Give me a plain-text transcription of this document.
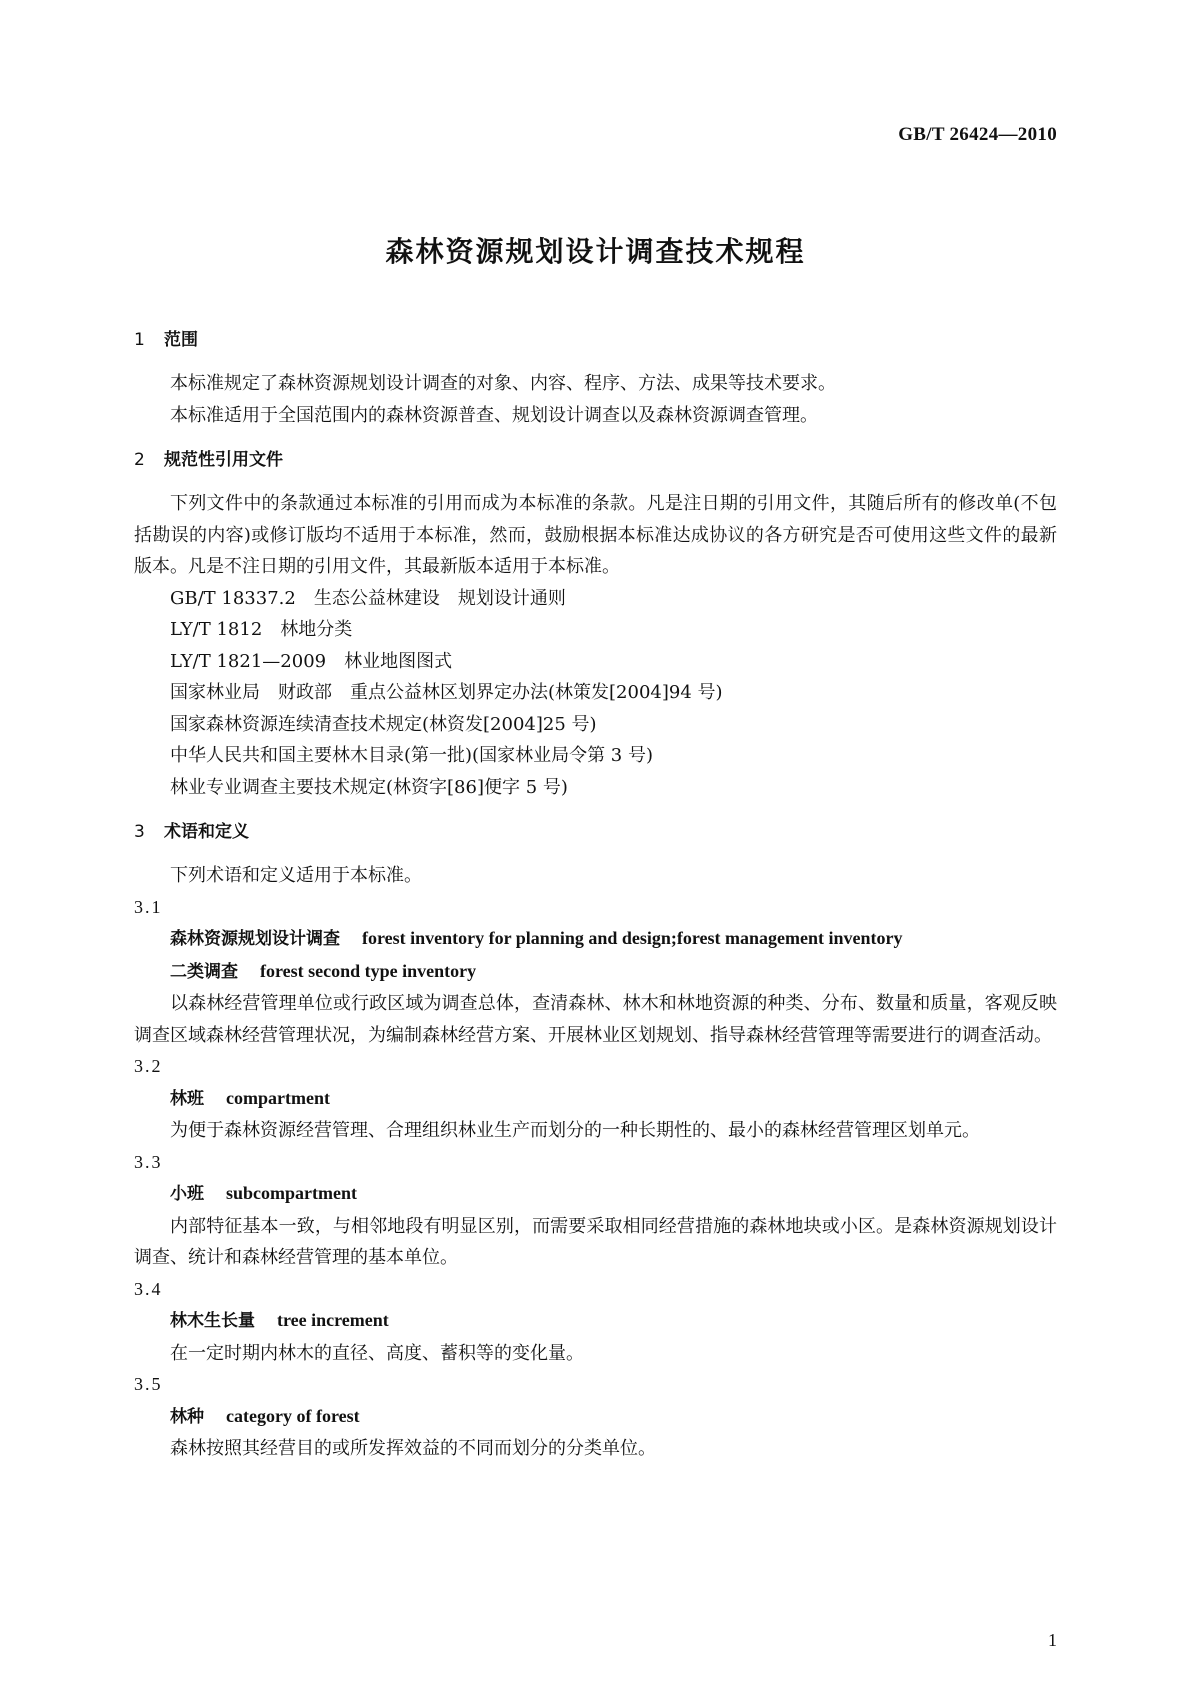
GB/T 26424—2010
森林资源规划设计调查技术规程
1	范围

本标准规定了森林资源规划设计调查的对象、内容、程序、方法、成果等技术要求。

本标准适用于全国范围内的森林资源普查、规划设计调查以及森林资源调查管理。

2	规范性引用文件

下列文件中的条款通过本标准的引用而成为本标准的条款。凡是注日期的引用文件，其随后所有的修改单(不包括勘误的内容)或修订版均不适用于本标准，然而，鼓励根据本标准达成协议的各方研究是否可使用这些文件的最新版本。凡是不注日期的引用文件，其最新版本适用于本标准。

GB/T 18337.2　生态公益林建设　规划设计通则
LY/T 1812　林地分类
LY/T 1821—2009　林业地图图式
国家林业局　财政部　重点公益林区划界定办法(林策发[2004]94 号)
国家森林资源连续清查技术规定(林资发[2004]25 号)
中华人民共和国主要林木目录(第一批)(国家林业局令第 3 号)
林业专业调查主要技术规定(林资字[86]便字 5 号)
3	术语和定义

下列术语和定义适用于本标准。

3.1
森林资源规划设计调查 forest inventory for planning and design;forest management inventory
二类调查 forest second type inventory

以森林经营管理单位或行政区域为调查总体，查清森林、林木和林地资源的种类、分布、数量和质量，客观反映调查区域森林经营管理状况，为编制森林经营方案、开展林业区划规划、指导森林经营管理等需要进行的调查活动。

3.2
林班 compartment

为便于森林资源经营管理、合理组织林业生产而划分的一种长期性的、最小的森林经营管理区划单元。

3.3
小班 subcompartment

内部特征基本一致，与相邻地段有明显区别，而需要采取相同经营措施的森林地块或小区。是森林资源规划设计调查、统计和森林经营管理的基本单位。

3.4
林木生长量 tree increment

在一定时期内林木的直径、高度、蓄积等的变化量。

3.5
林种 category of forest

森林按照其经营目的或所发挥效益的不同而划分的分类单位。

1
